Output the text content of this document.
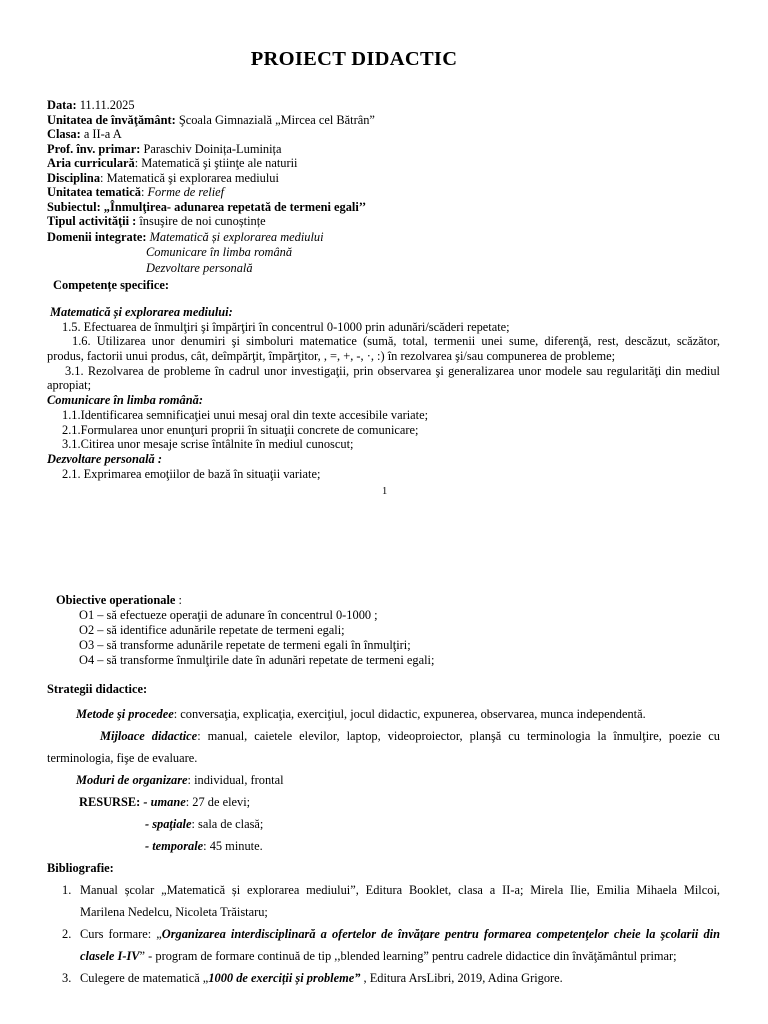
PROIECT DIDACTIC
Data: 11.11.2025
Unitatea de învăţământ: Şcoala Gimnazială „Mircea cel Bătrân”
Clasa: a II-a A
Prof. înv. primar: Paraschiv Doinița-Luminița
Aria curriculară: Matematică şi ştiinţe ale naturii
Disciplina: Matematică şi explorarea mediului
Unitatea tematică: Forme de relief
Subiectul: „Înmulţirea- adunarea repetată de termeni egali’’
Tipul activităţii : însuşire de noi cunoștințe
Domenii integrate: Matematică și explorarea mediului
Comunicare în limba română
Dezvoltare personală
Competențe specifice:
Matematică și explorarea mediului:
1.5. Efectuarea de înmulţiri şi împărţiri în concentrul 0-1000 prin adunări/scăderi repetate;
1.6. Utilizarea unor denumiri şi simboluri matematice (sumă, total, termenii unei sume, diferenţă, rest, descăzut, scăzător,
produs, factorii unui produs, cât, deîmpărţit, împărţitor, , =, +, -, ·, :) în rezolvarea şi/sau compunerea de probleme;
3.1. Rezolvarea de probleme în cadrul unor investigaţii, prin observarea şi generalizarea unor modele sau regularităţi din mediul
apropiat;
Comunicare în limba română:
1.1.Identificarea semnificaţiei unui mesaj oral din texte accesibile variate;
2.1.Formularea unor enunţuri proprii în situaţii concrete de comunicare;
3.1.Citirea unor mesaje scrise întâlnite în mediul cunoscut;
Dezvoltare personală :
2.1. Exprimarea emoţiilor de bază în situaţii variate;
1
Obiective operationale :
O1 – să efectueze operaţii de adunare în concentrul 0-1000 ;
O2 – să identifice adunările repetate de termeni egali;
O3 – să transforme adunările repetate de termeni egali în înmulţiri;
O4 – să transforme înmulţirile date în adunări repetate de termeni egali;
Strategii didactice:
Metode şi procedee: conversaţia, explicaţia, exerciţiul, jocul didactic, expunerea, observarea, munca independentă.
Mijloace didactice: manual, caietele elevilor, laptop, videoproiector, planşă cu terminologia la înmulţire, poezie cu
terminologia, fişe de evaluare.
Moduri de organizare: individual, frontal
RESURSE: - umane: 27 de elevi;
- spaţiale: sala de clasă;
- temporale: 45 minute.
Bibliografie:
1. Manual școlar „Matematică și explorarea mediului”, Editura Booklet, clasa a II-a; Mirela Ilie, Emilia Mihaela Milcoi,
Marilena Nedelcu, Nicoleta Trăistaru;
2. Curs formare: „Organizarea interdisciplinară a ofertelor de învăţare pentru formarea competenţelor cheie la şcolarii din
clasele I-IV” - program de formare continuă de tip ,,blended learning” pentru cadrele didactice din învăţământul primar;
3. Culegere de matematică „1000 de exerciții și probleme” , Editura ArsLibri, 2019, Adina Grigore.
